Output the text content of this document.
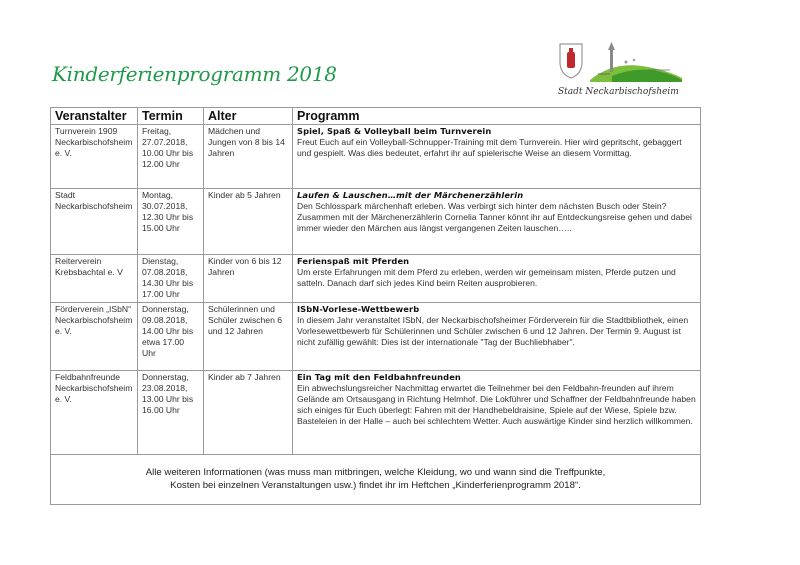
Kinderferienprogramm 2018
Stadt Neckarbischofsheim
Veranstalter	Termin	Alter	Programm
Turnverein 1909 Neckarbischofsheim e. V.	Freitag, 27.07.2018, 10.00 Uhr bis 12.00 Uhr	Mädchen und Jungen von 8 bis 14 Jahren	Spiel, Spaß & Volleyball beim Turnverein
Freut Euch auf ein Volleyball-Schnupper-Training mit dem Turnverein. Hier wird gepritscht, gebaggert und gespielt. Was dies bedeutet, erfahrt ihr auf spielerische Weise an diesem Vormittag.

Stadt Neckarbischofsheim	Montag, 30.07.2018, 12.30 Uhr bis 15.00 Uhr	Kinder ab 5 Jahren	Laufen & Lauschen…mit der Märchenerzählerin
Den Schlosspark märchenhaft erleben. Was verbirgt sich hinter dem nächsten Busch oder Stein? Zusammen mit der Märchenerzählerin Cornelia Tanner könnt ihr auf Entdeckungsreise gehen und dabei immer wieder den Märchen aus längst vergangenen Zeiten lauschen…..

Reiterverein Krebsbachtal e. V	Dienstag, 07.08.2018, 14.30 Uhr bis 17.00 Uhr	Kinder von 6 bis 12 Jahren	Ferienspaß mit Pferden
Um erste Erfahrungen mit dem Pferd zu erleben, werden wir gemeinsam misten, Pferde putzen und satteln. Danach darf sich jedes Kind beim Reiten ausprobieren.

Förderverein „ISbN“ Neckarbischofsheim e. V.	Donnerstag, 09.08.2018, 14.00 Uhr bis etwa 17.00 Uhr	Schülerinnen und Schüler zwischen 6 und 12 Jahren	ISbN-Vorlese-Wettbewerb
In diesem Jahr veranstaltet ISbN, der Neckarbischofsheimer Förderverein für die Stadtbibliothek, einen Vorlesewettbewerb für Schülerinnen und Schüler zwischen 6 und 12 Jahren. Der Termin 9. August ist nicht zufällig gewählt: Dies ist der internationale "Tag der Buchliebhaber".

Feldbahnfreunde Neckarbischofsheim e. V.	Donnerstag, 23.08.2018, 13.00 Uhr bis 16.00 Uhr	Kinder ab 7 Jahren	Ein Tag mit den Feldbahnfreunden
Ein abwechslungsreicher Nachmittag erwartet die Teilnehmer bei den Feldbahn-freunden auf ihrem Gelände am Ortsausgang in Richtung Helmhof. Die Lokführer und Schaffner der Feldbahnfreunde haben sich einiges für Euch überlegt: Fahren mit der Handhebeldraisine, Spiele auf der Wiese, Spiele bzw. Basteleien in der Halle – auch bei schlechtem Wetter. Auch auswärtige Kinder sind herzlich willkommen.

Alle weiteren Informationen (was muss man mitbringen, welche Kleidung, wo und wann sind die Treffpunkte,
Kosten bei einzelnen Veranstaltungen usw.) findet ihr im Heftchen „Kinderferienprogramm 2018“.			
